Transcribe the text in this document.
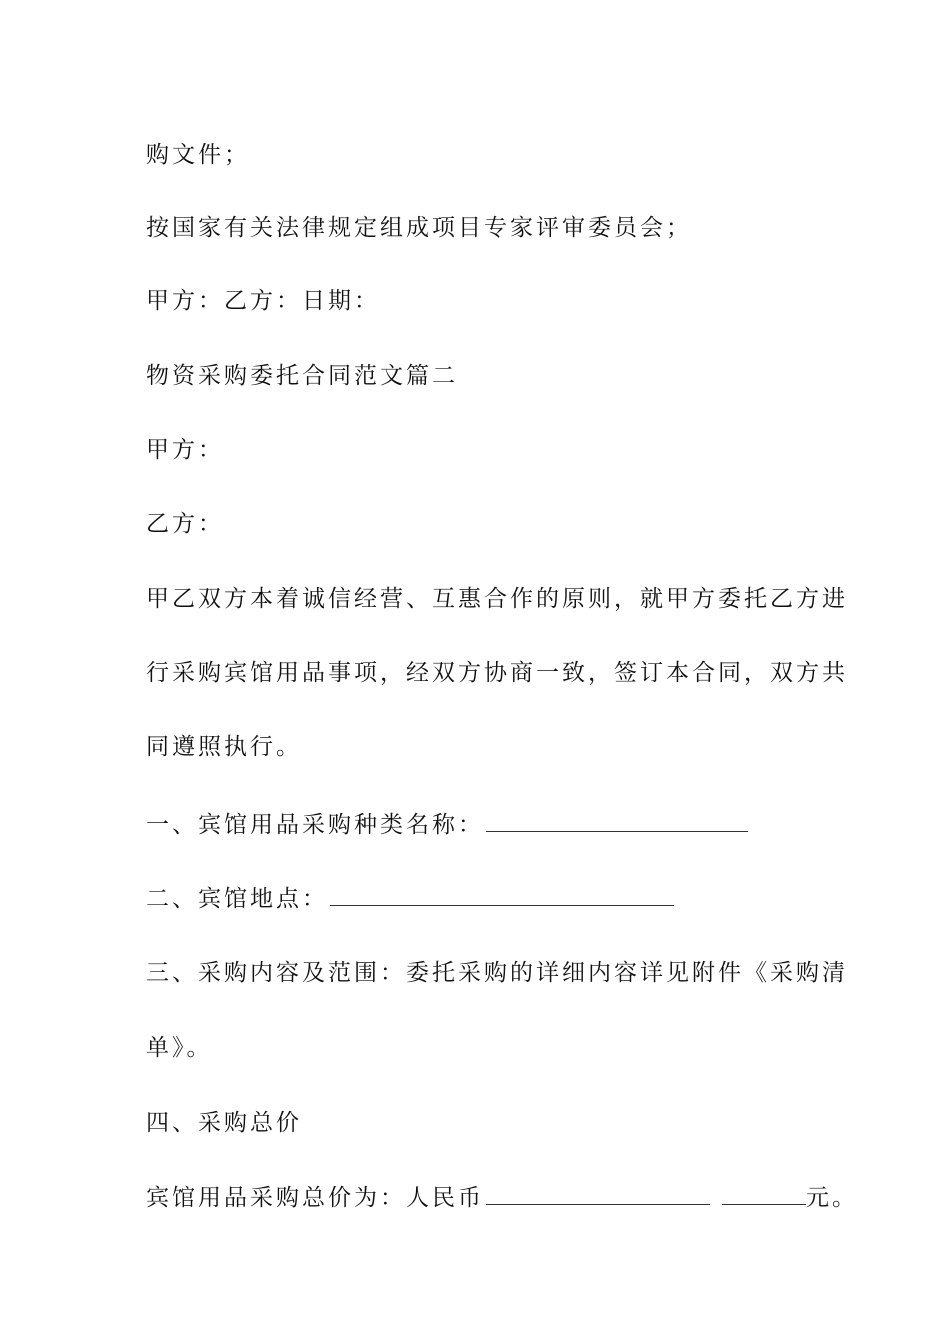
购文件；
按国家有关法律规定组成项目专家评审委员会；
甲方：乙方：日期：
物资采购委托合同范文篇二
甲方：
乙方：
甲乙双方本着诚信经营、互惠合作的原则，就甲方委托乙方进
行采购宾馆用品事项，经双方协商一致，签订本合同，双方共
同遵照执行。
一、宾馆用品采购种类名称：
二、宾馆地点：
三、采购内容及范围：委托采购的详细内容详见附件《采购清
单》。
四、采购总价
宾馆用品采购总价为：人民币	元。
